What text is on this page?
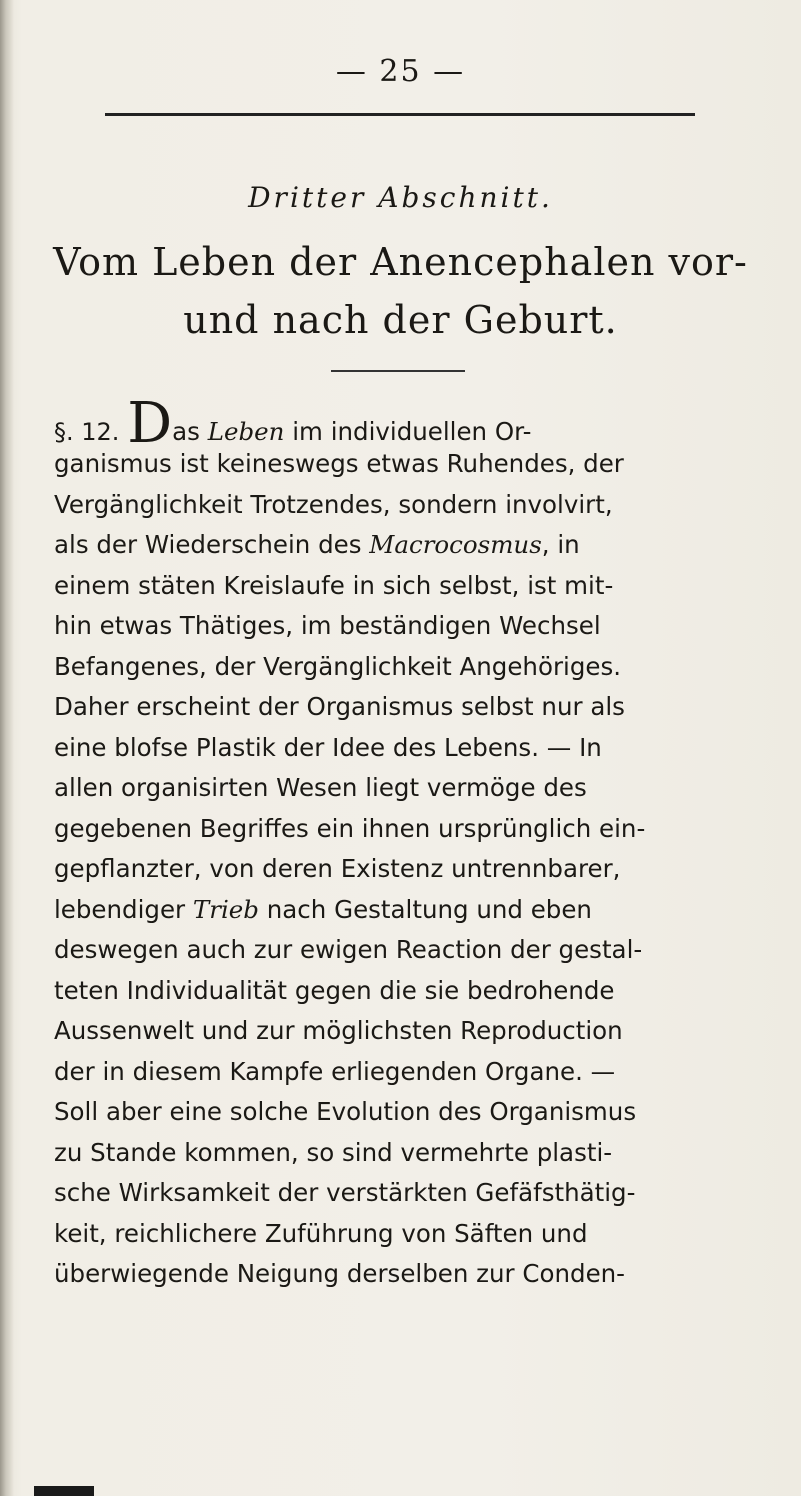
— 25 —
Dritter Abschnitt.
Vom Leben der Anencephalen vor-
und nach der Geburt.

§. 12. Das Leben im individuellen Or-

ganismus ist keineswegs etwas Ruhendes, der

Vergänglichkeit Trotzendes, sondern involvirt,

als der Wiederschein des Macrocosmus, in

einem stäten Kreislaufe in sich selbst, ist mit-

hin etwas Thätiges, im beständigen Wechsel

Befangenes, der Vergänglichkeit Angehöriges.

Daher erscheint der Organismus selbst nur als

eine blofse Plastik der Idee des Lebens. — In

allen organisirten Wesen liegt vermöge des

gegebenen Begriffes ein ihnen ursprünglich ein-

gepflanzter, von deren Existenz untrennbarer,

lebendiger Trieb nach Gestaltung und eben

deswegen auch zur ewigen Reaction der gestal-

teten Individualität gegen die sie bedrohende

Aussenwelt und zur möglichsten Reproduction

der in diesem Kampfe erliegenden Organe. —

Soll aber eine solche Evolution des Organismus

zu Stande kommen, so sind vermehrte plasti-

sche Wirksamkeit der verstärkten Gefäfsthätig-

keit, reichlichere Zuführung von Säften und

überwiegende Neigung derselben zur Conden-
